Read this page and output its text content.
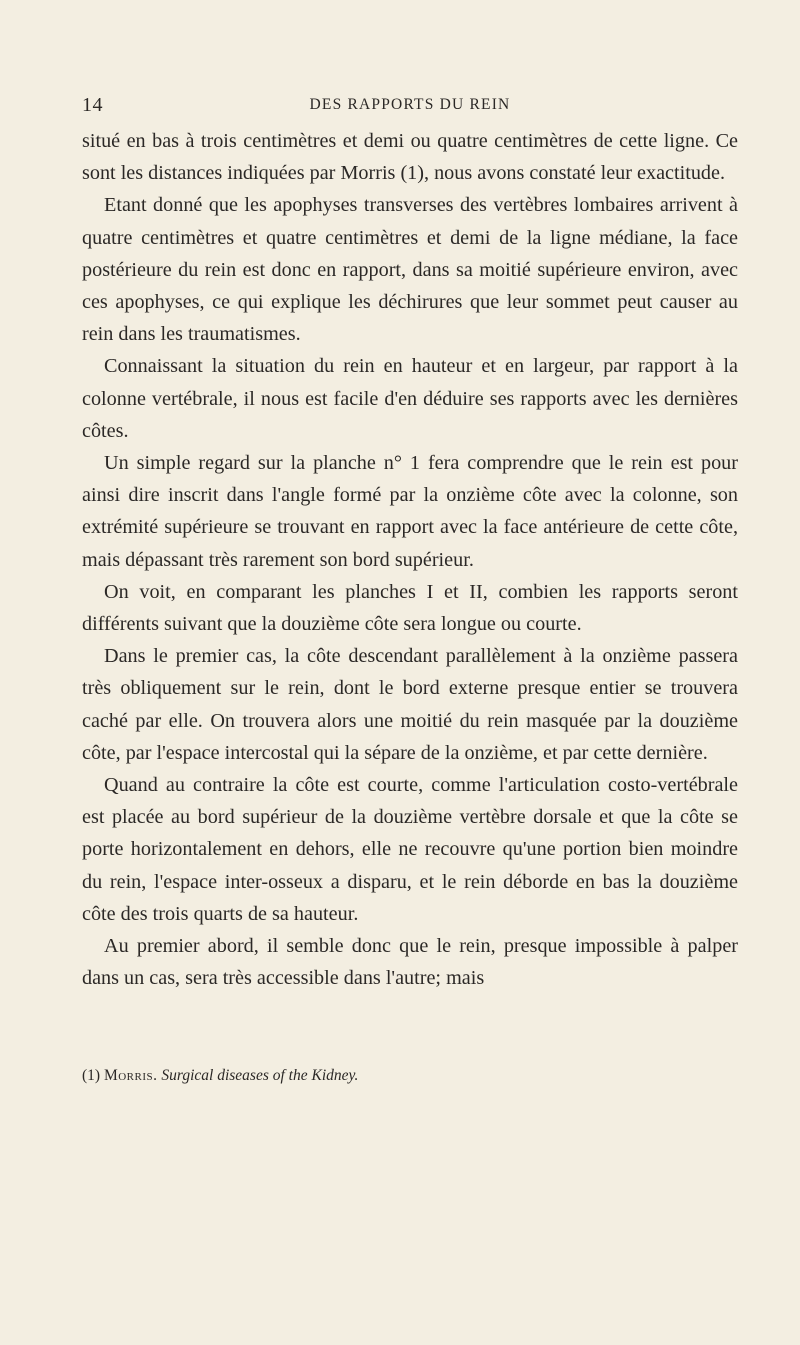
14	DES RAPPORTS DU REIN

situé en bas à trois centimètres et demi ou quatre centimètres de cette ligne. Ce sont les distances indiquées par Morris (1), nous avons constaté leur exactitude.

Etant donné que les apophyses transverses des vertèbres lombaires arrivent à quatre centimètres et quatre centimètres et demi de la ligne médiane, la face postérieure du rein est donc en rapport, dans sa moitié supérieure environ, avec ces apophyses, ce qui explique les déchirures que leur sommet peut causer au rein dans les traumatismes.

Connaissant la situation du rein en hauteur et en largeur, par rapport à la colonne vertébrale, il nous est facile d'en déduire ses rapports avec les dernières côtes.

Un simple regard sur la planche n° 1 fera comprendre que le rein est pour ainsi dire inscrit dans l'angle formé par la onzième côte avec la colonne, son extrémité supérieure se trouvant en rapport avec la face antérieure de cette côte, mais dépassant très rarement son bord supérieur.

On voit, en comparant les planches I et II, combien les rapports seront différents suivant que la douzième côte sera longue ou courte.

Dans le premier cas, la côte descendant parallèlement à la onzième passera très obliquement sur le rein, dont le bord externe presque entier se trouvera caché par elle. On trouvera alors une moitié du rein masquée par la douzième côte, par l'espace intercostal qui la sépare de la onzième, et par cette dernière.

Quand au contraire la côte est courte, comme l'articulation costo-vertébrale est placée au bord supérieur de la douzième vertèbre dorsale et que la côte se porte horizontalement en dehors, elle ne recouvre qu'une portion bien moindre du rein, l'espace inter-osseux a disparu, et le rein déborde en bas la douzième côte des trois quarts de sa hauteur.

Au premier abord, il semble donc que le rein, presque impossible à palper dans un cas, sera très accessible dans l'autre; mais

(1) Morris. Surgical diseases of the Kidney.
